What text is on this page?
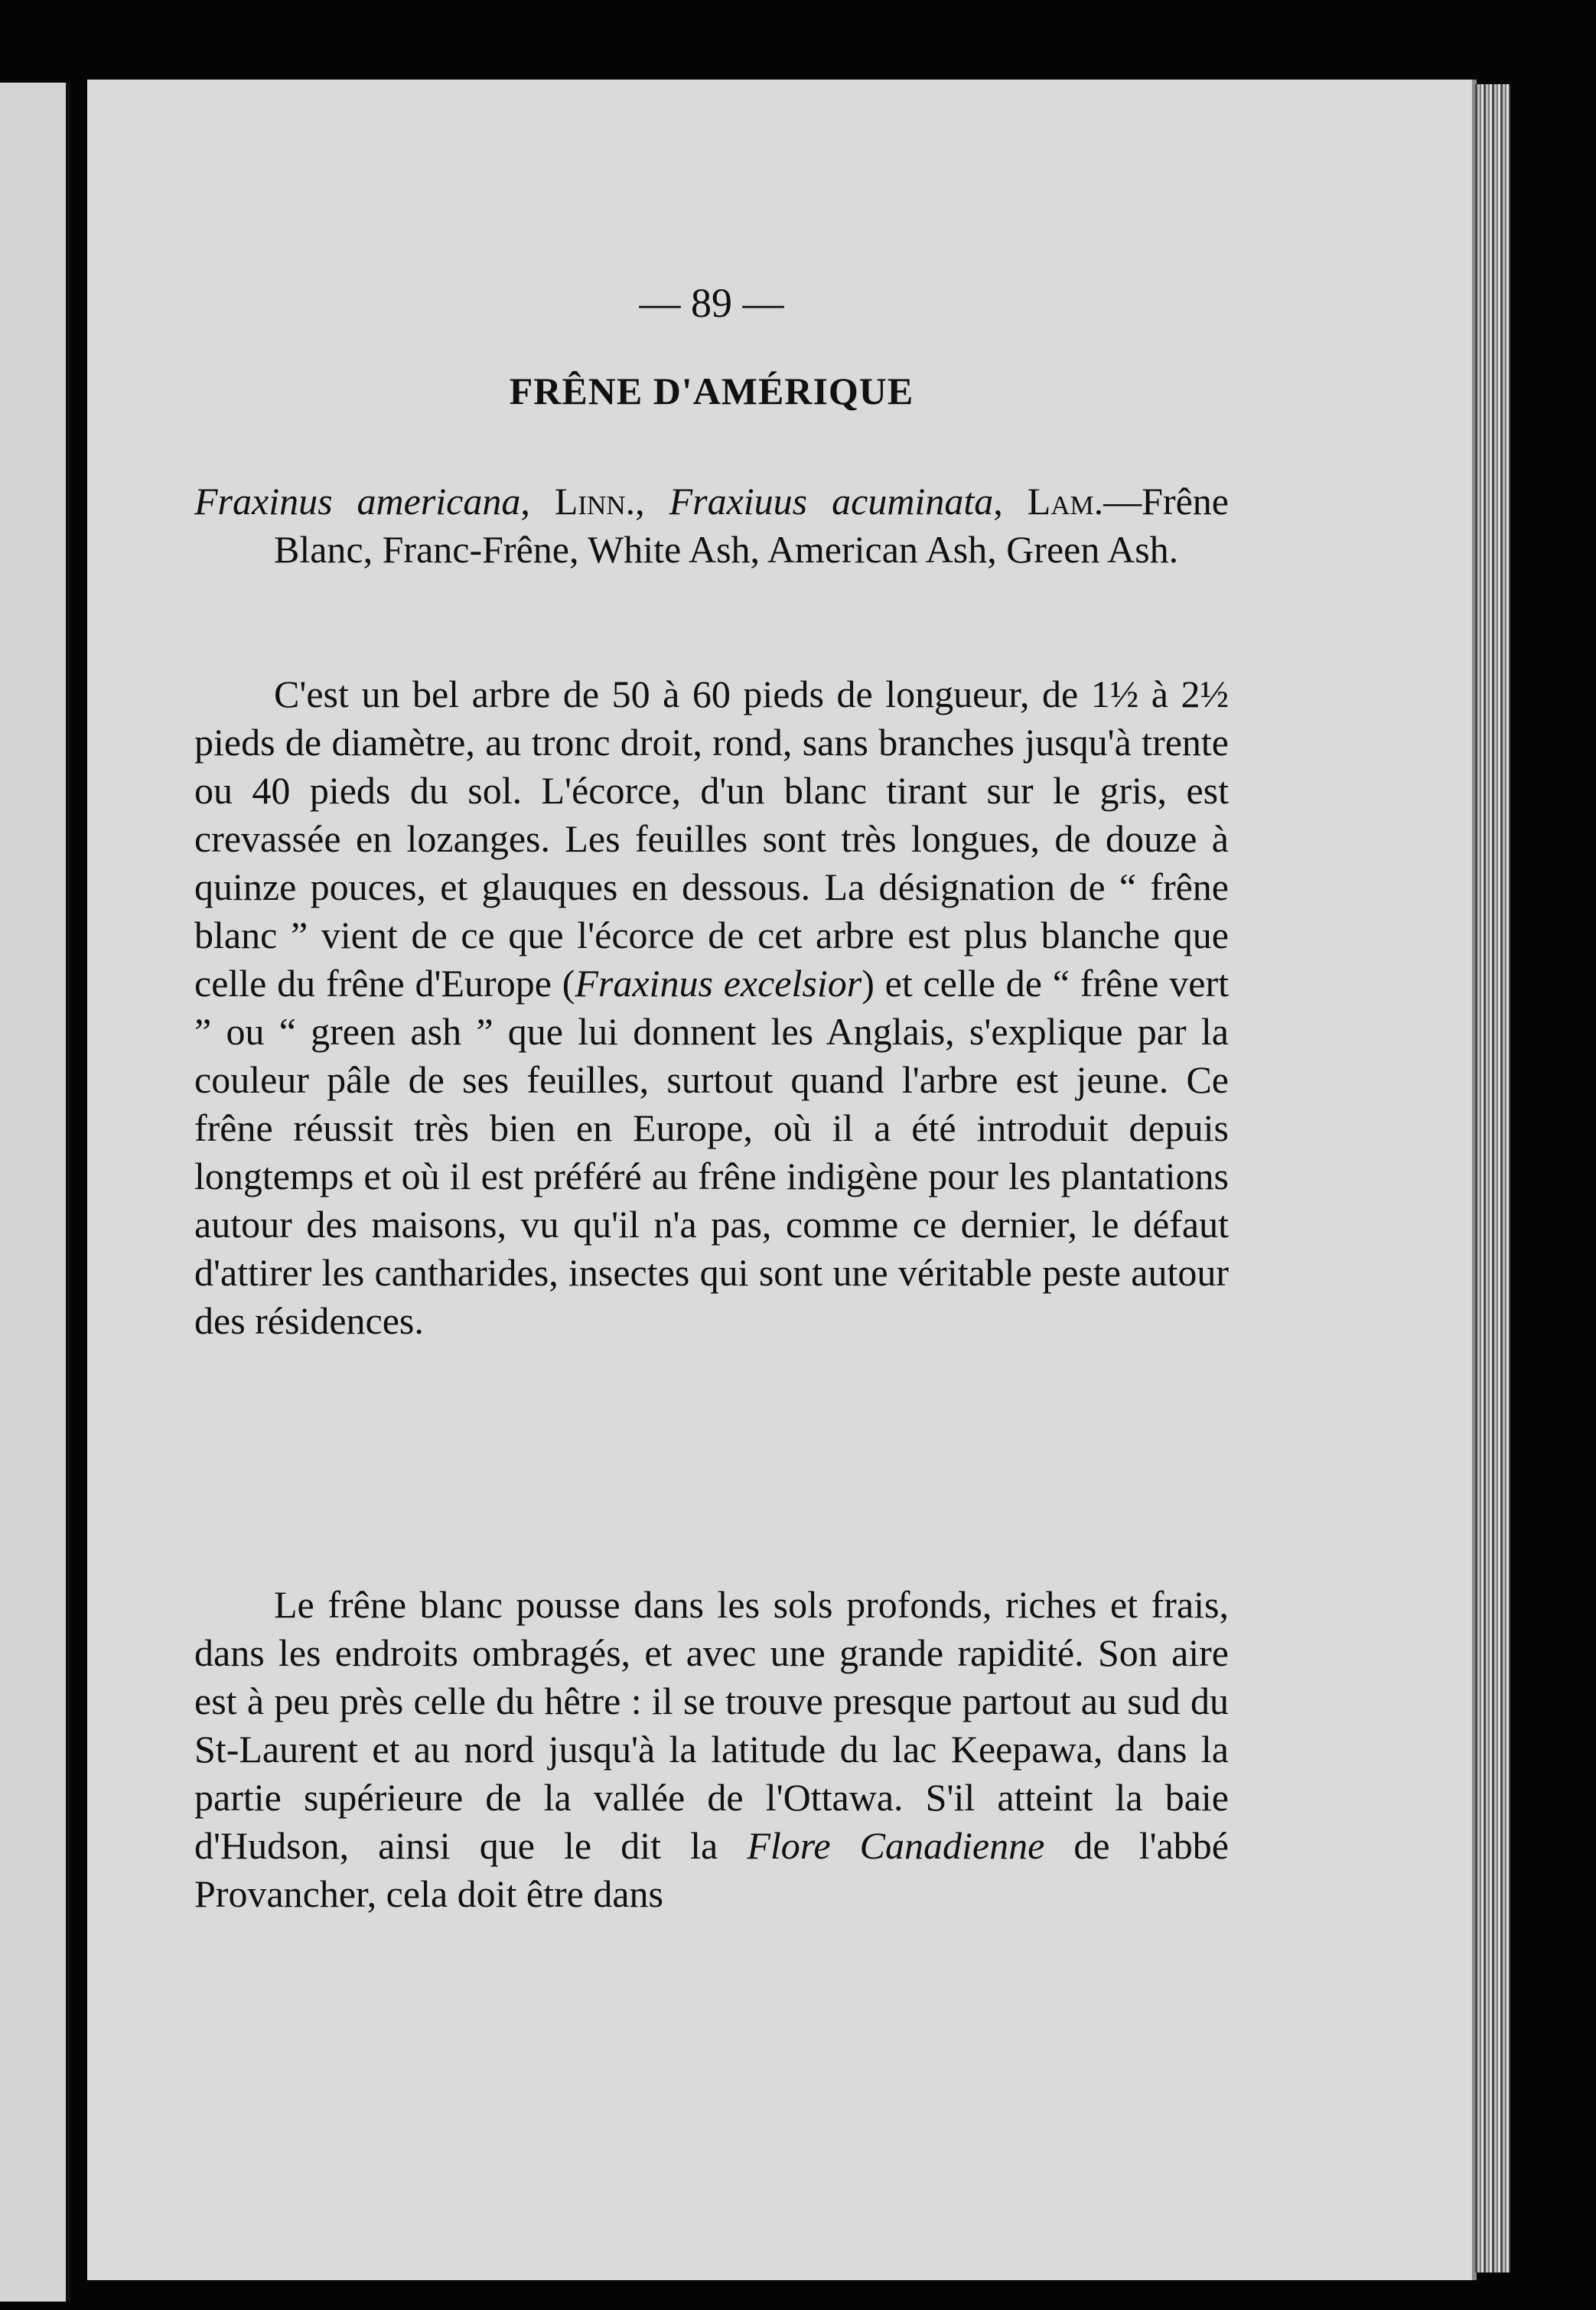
— 89 —
FRÊNE D'AMÉRIQUE

Fraxinus americana, Linn., Fraxiuus acuminata, Lam.—Frêne Blanc, Franc-Frêne, White Ash, American Ash, Green Ash.

C'est un bel arbre de 50 à 60 pieds de longueur, de 1½ à 2½ pieds de diamètre, au tronc droit, rond, sans branches jusqu'à trente ou 40 pieds du sol. L'écorce, d'un blanc tirant sur le gris, est crevassée en lozanges. Les feuilles sont très longues, de douze à quinze pouces, et glauques en dessous. La désignation de “ frêne blanc ” vient de ce que l'écorce de cet arbre est plus blanche que celle du frêne d'Europe (Fraxinus excelsior) et celle de “ frêne vert ” ou “ green ash ” que lui donnent les Anglais, s'explique par la couleur pâle de ses feuilles, surtout quand l'arbre est jeune. Ce frêne réussit très bien en Europe, où il a été introduit depuis longtemps et où il est préféré au frêne indigène pour les plantations autour des maisons, vu qu'il n'a pas, comme ce dernier, le défaut d'attirer les cantharides, insectes qui sont une véritable peste autour des résidences.

Le frêne blanc pousse dans les sols profonds, riches et frais, dans les endroits ombragés, et avec une grande rapidité. Son aire est à peu près celle du hêtre : il se trouve presque partout au sud du St-Laurent et au nord jusqu'à la latitude du lac Keepawa, dans la partie supérieure de la vallée de l'Ottawa. S'il atteint la baie d'Hudson, ainsi que le dit la Flore Canadienne de l'abbé Provancher, cela doit être dans
